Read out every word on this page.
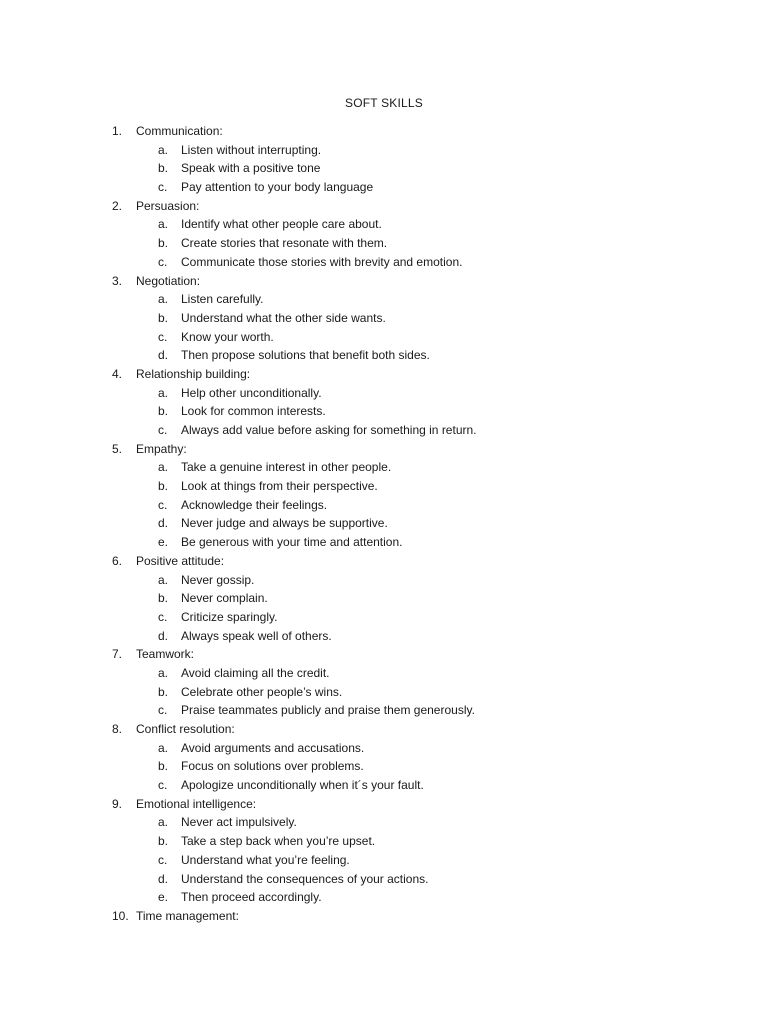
SOFT SKILLS
1.	Communication:
a.	Listen without interrupting.
b.	Speak with a positive tone
c.	Pay attention to your body language
2.	Persuasion:
a.	Identify what other people care about.
b.	Create stories that resonate with them.
c.	Communicate those stories with brevity and emotion.
3.	Negotiation:
a.	Listen carefully.
b.	Understand what the other side wants.
c.	Know your worth.
d.	Then propose solutions that benefit both sides.
4.	Relationship building:
a.	Help other unconditionally.
b.	Look for common interests.
c.	Always add value before asking for something in return.
5.	Empathy:
a.	Take a genuine interest in other people.
b.	Look at things from their perspective.
c.	Acknowledge their feelings.
d.	Never judge and always be supportive.
e.	Be generous with your time and attention.
6.	Positive attitude:
a.	Never gossip.
b.	Never complain.
c.	Criticize sparingly.
d.	Always speak well of others.
7.	Teamwork:
a.	Avoid claiming all the credit.
b.	Celebrate other people’s wins.
c.	Praise teammates publicly and praise them generously.
8.	Conflict resolution:
a.	Avoid arguments and accusations.
b.	Focus on solutions over problems.
c.	Apologize unconditionally when it´s your fault.
9.	Emotional intelligence:
a.	Never act impulsively.
b.	Take a step back when you’re upset.
c.	Understand what you’re feeling.
d.	Understand the consequences of your actions.
e.	Then proceed accordingly.
10. Time management:
